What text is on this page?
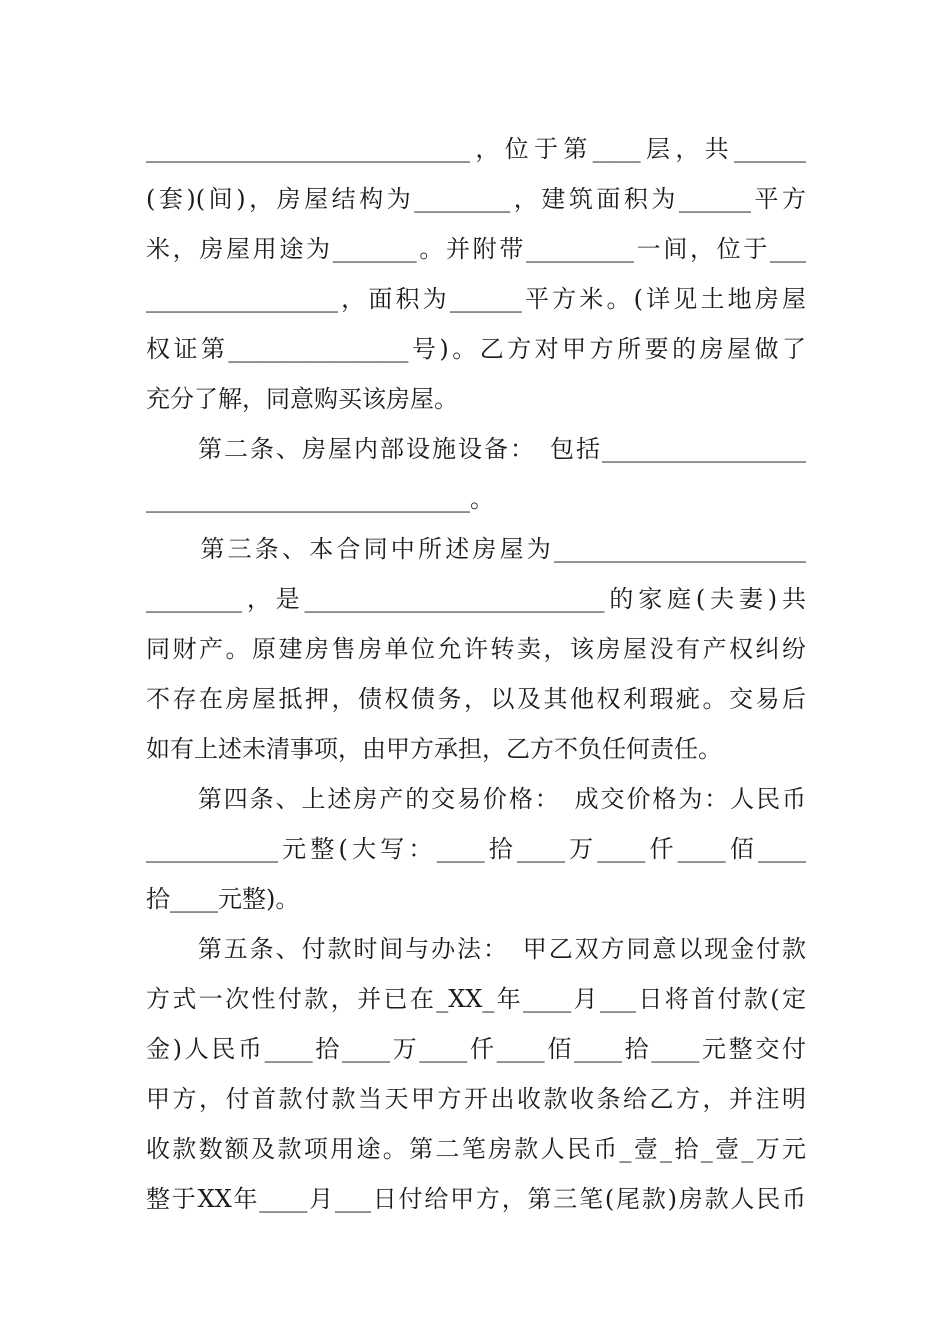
___________________________，位于第____层，共______
(套)(间)，房屋结构为________，建筑面积为______平方
米，房屋用途为_______。并附带_________一间，位于___
________________，面积为______平方米。(详见土地房屋
权证第_______________号)。乙方对甲方所要的房屋做了
充分了解，同意购买该房屋。
　　第二条、房屋内部设施设备：　包括_________________
___________________________。
　　第三条、本合同中所述房屋为_____________________
________，是_________________________的家庭(夫妻)共
同财产。原建房售房单位允许转卖，该房屋没有产权纠纷
不存在房屋抵押，债权债务，以及其他权利瑕疵。交易后
如有上述未清事项，由甲方承担，乙方不负任何责任。
　　第四条、上述房产的交易价格：　成交价格为：人民币
___________元整(大写：____拾____万____仟____佰____
拾____元整)。
　　第五条、付款时间与办法：　甲乙双方同意以现金付款
方式一次性付款，并已在_XX_年____月___日将首付款(定
金)人民币____拾____万____仟____佰____拾____元整交付
甲方，付首款付款当天甲方开出收款收条给乙方，并注明
收款数额及款项用途。第二笔房款人民币_壹_拾_壹_万元
整于XX年____月___日付给甲方，第三笔(尾款)房款人民币
